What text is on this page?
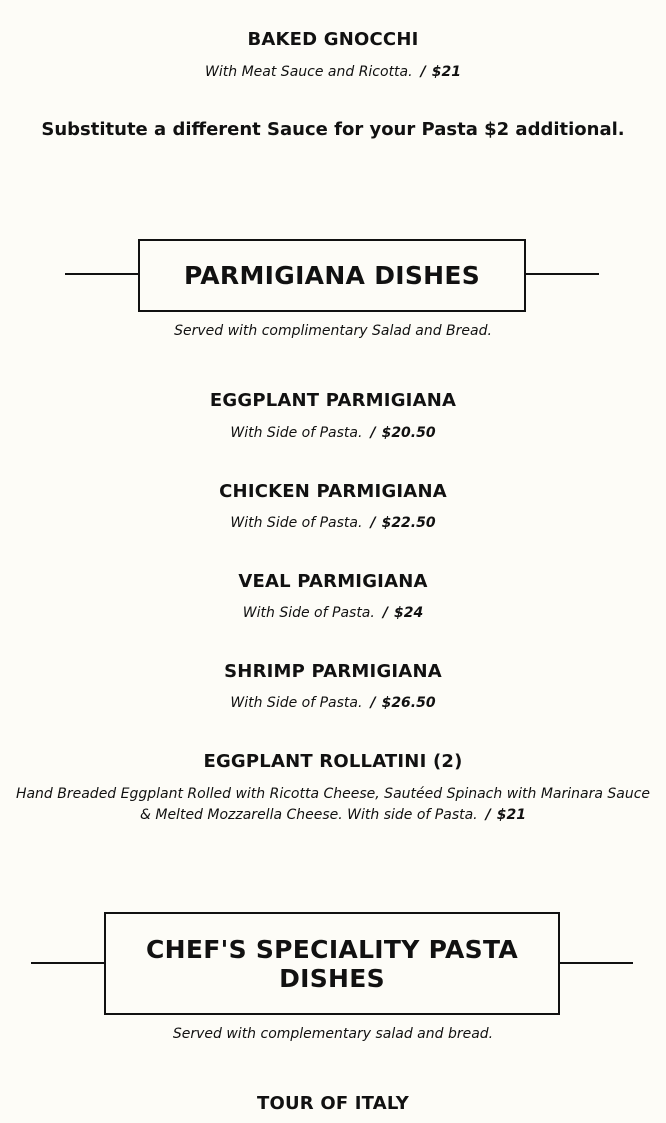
BAKED GNOCCHI
With Meat Sauce and Ricotta. / $21
Substitute a different Sauce for your Pasta $2 additional.
PARMIGIANA DISHES
Served with complimentary Salad and Bread.
EGGPLANT PARMIGIANA
With Side of Pasta. / $20.50
CHICKEN PARMIGIANA
With Side of Pasta. / $22.50
VEAL PARMIGIANA
With Side of Pasta. / $24
SHRIMP PARMIGIANA
With Side of Pasta. / $26.50
EGGPLANT ROLLATINI (2)
Hand Breaded Eggplant Rolled with Ricotta Cheese, Sautéed Spinach with Marinara Sauce
& Melted Mozzarella Cheese. With side of Pasta. / $21
CHEF'S SPECIALITY PASTA
DISHES
Served with complementary salad and bread.
TOUR OF ITALY
